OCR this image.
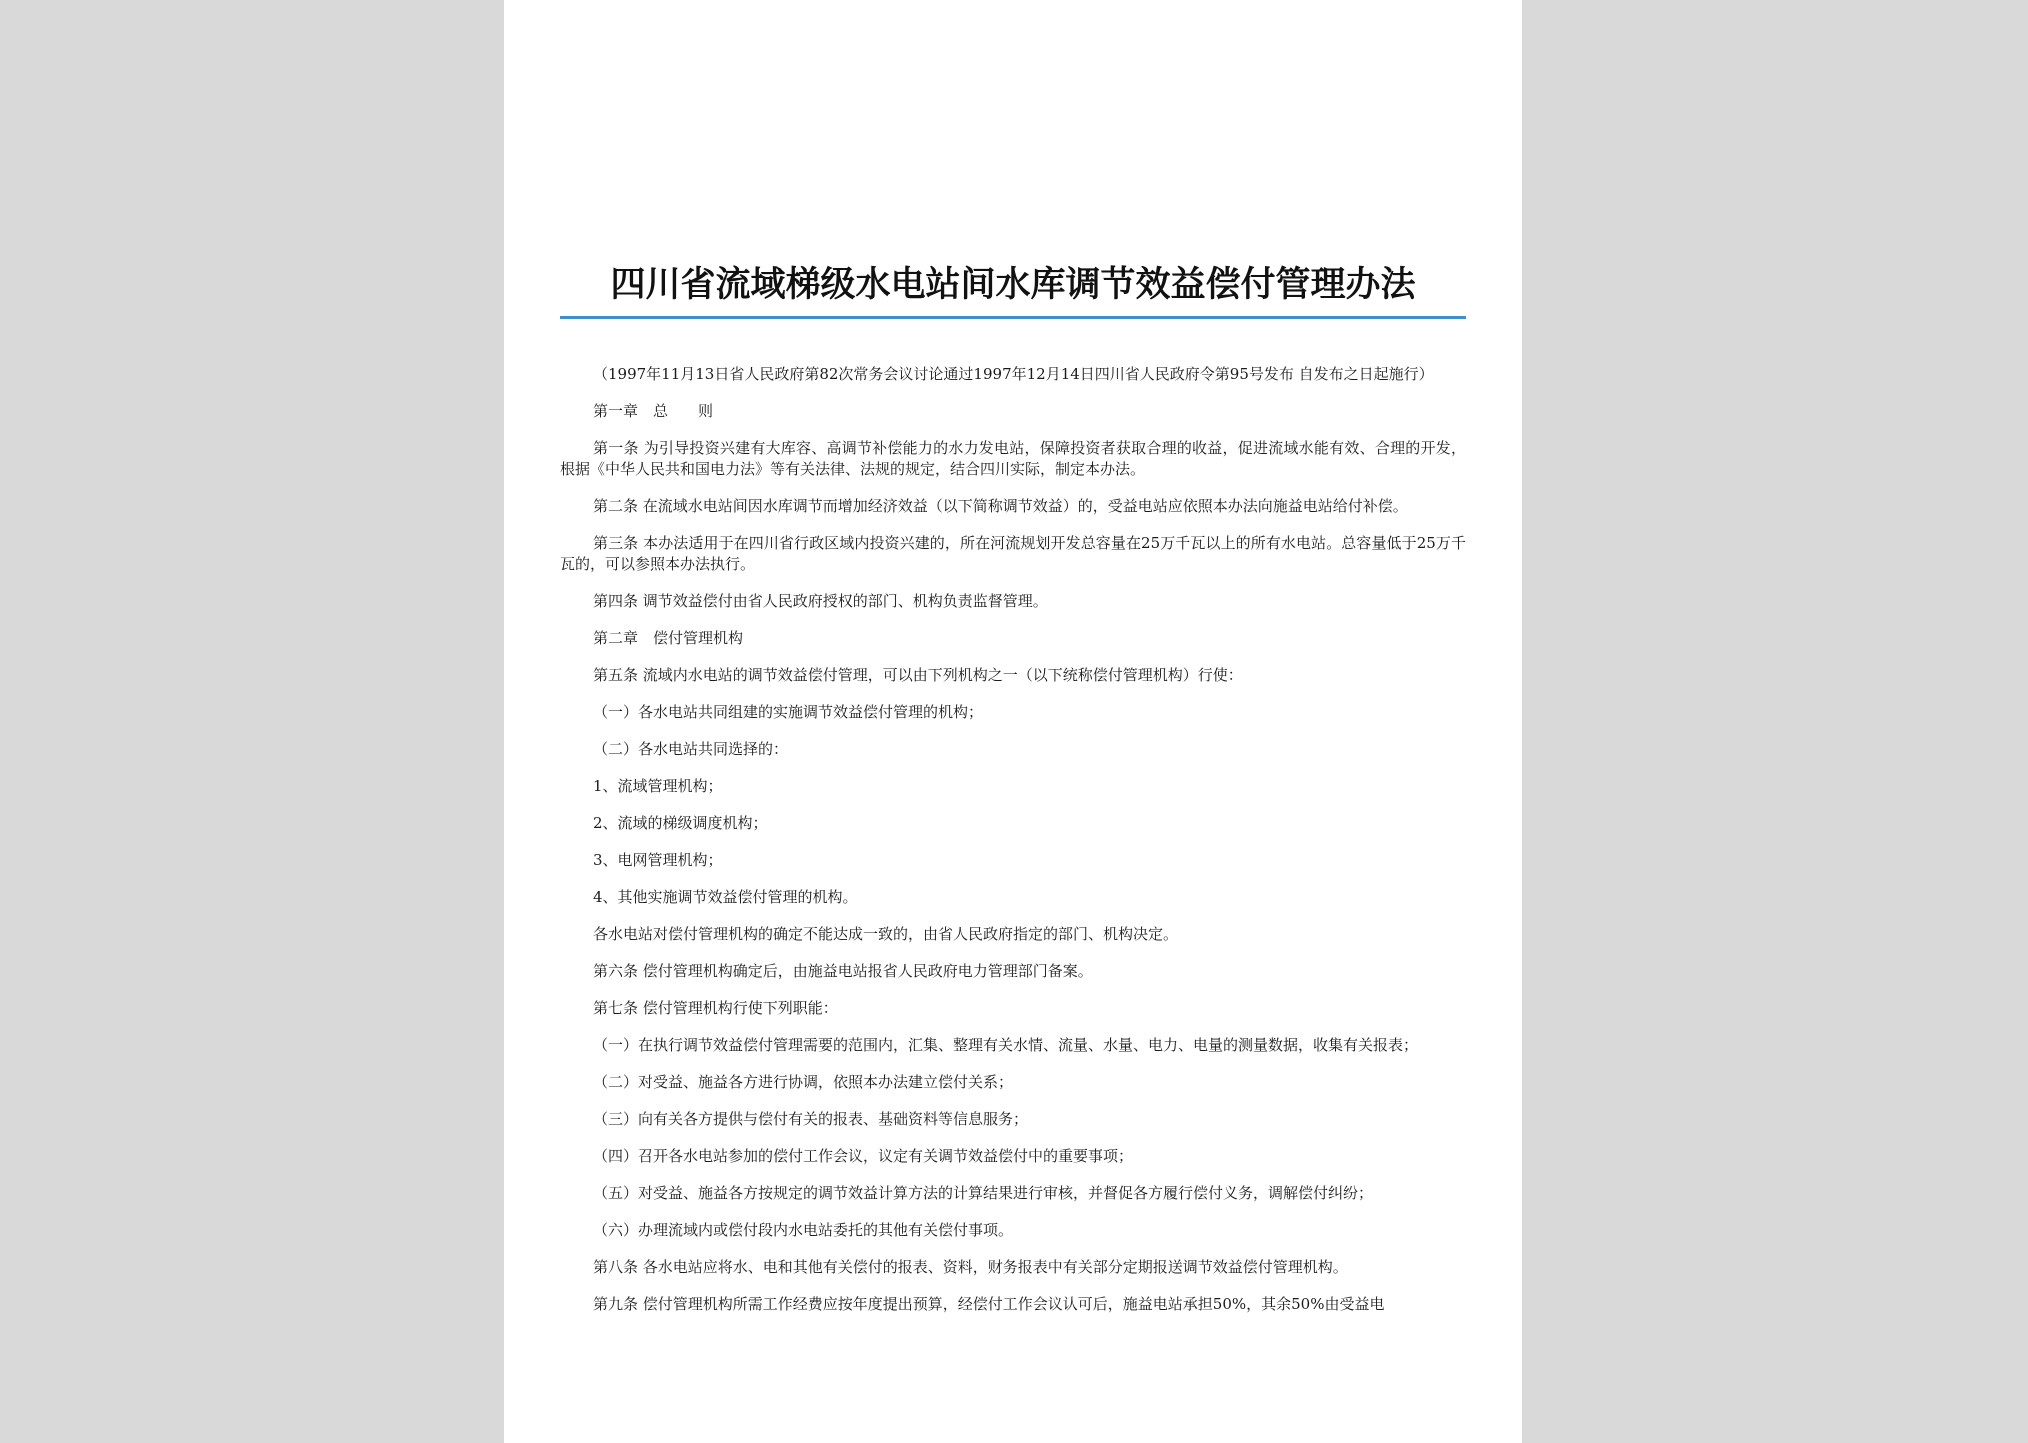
四川省流域梯级水电站间水库调节效益偿付管理办法

（1997年11月13日省人民政府第82次常务会议讨论通过1997年12月14日四川省人民政府令第95号发布 自发布之日起施行）

第一章　总　　则

第一条 为引导投资兴建有大库容、高调节补偿能力的水力发电站，保障投资者获取合理的收益，促进流域水能有效、合理的开发，根据《中华人民共和国电力法》等有关法律、法规的规定，结合四川实际，制定本办法。

第二条 在流域水电站间因水库调节而增加经济效益（以下简称调节效益）的，受益电站应依照本办法向施益电站给付补偿。

第三条 本办法适用于在四川省行政区域内投资兴建的，所在河流规划开发总容量在25万千瓦以上的所有水电站。总容量低于25万千瓦的，可以参照本办法执行。

第四条 调节效益偿付由省人民政府授权的部门、机构负责监督管理。

第二章　偿付管理机构

第五条 流域内水电站的调节效益偿付管理，可以由下列机构之一（以下统称偿付管理机构）行使：

（一）各水电站共同组建的实施调节效益偿付管理的机构；

（二）各水电站共同选择的：

1、流域管理机构；

2、流域的梯级调度机构；

3、电网管理机构；

4、其他实施调节效益偿付管理的机构。

各水电站对偿付管理机构的确定不能达成一致的，由省人民政府指定的部门、机构决定。

第六条 偿付管理机构确定后，由施益电站报省人民政府电力管理部门备案。

第七条 偿付管理机构行使下列职能：

（一）在执行调节效益偿付管理需要的范围内，汇集、整理有关水情、流量、水量、电力、电量的测量数据，收集有关报表；

（二）对受益、施益各方进行协调，依照本办法建立偿付关系；

（三）向有关各方提供与偿付有关的报表、基础资料等信息服务；

（四）召开各水电站参加的偿付工作会议，议定有关调节效益偿付中的重要事项；

（五）对受益、施益各方按规定的调节效益计算方法的计算结果进行审核，并督促各方履行偿付义务，调解偿付纠纷；

（六）办理流域内或偿付段内水电站委托的其他有关偿付事项。

第八条 各水电站应将水、电和其他有关偿付的报表、资料，财务报表中有关部分定期报送调节效益偿付管理机构。

第九条 偿付管理机构所需工作经费应按年度提出预算，经偿付工作会议认可后，施益电站承担50%，其余50%由受益电
